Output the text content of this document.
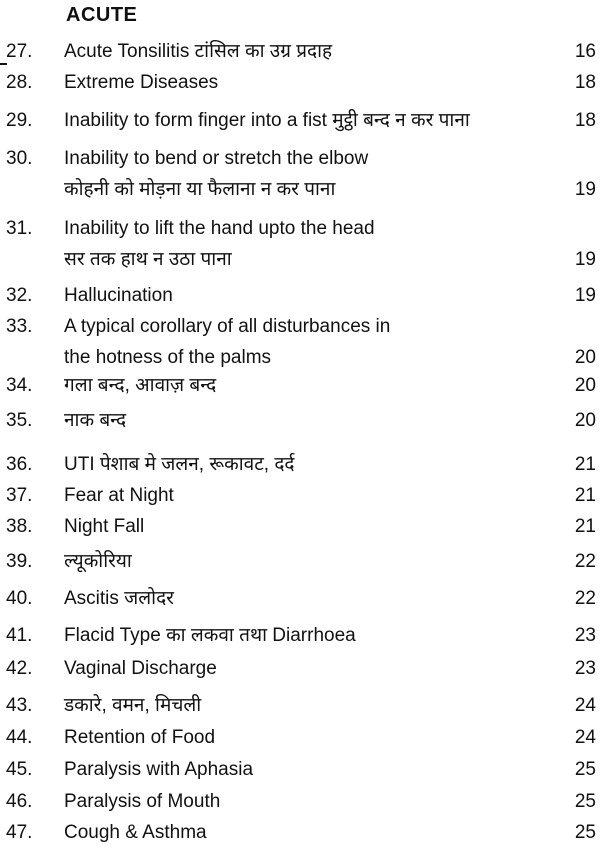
ACUTE
27.	Acute Tonsilitis टांसिल का उग्र प्रदाह	16
28.	Extreme Diseases	18
29.	Inability to form finger into a fist मुट्ठी बन्द न कर पाना	18
30.	Inability to bend or stretch the elbow
कोहनी को मोड़ना या फैलाना न कर पाना	19
31.	Inability to lift the hand upto the head
सर तक हाथ न उठा पाना	19
32.	Hallucination	19
33.	A typical corollary of all disturbances in
the hotness of the palms	20
34.	गला बन्द, आवाज़ बन्द	20
35.	नाक बन्द	20
36.	UTI पेशाब मे जलन, रूकावट, दर्द	21
37.	Fear at Night	21
38.	Night Fall	21
39.	ल्यूकोरिया	22
40.	Ascitis जलोदर	22
41.	Flacid Type का लकवा तथा Diarrhoea	23
42.	Vaginal Discharge	23
43.	डकारे, वमन, मिचली	24
44.	Retention of Food	24
45.	Paralysis with Aphasia	25
46.	Paralysis of Mouth	25
47.	Cough & Asthma	25
